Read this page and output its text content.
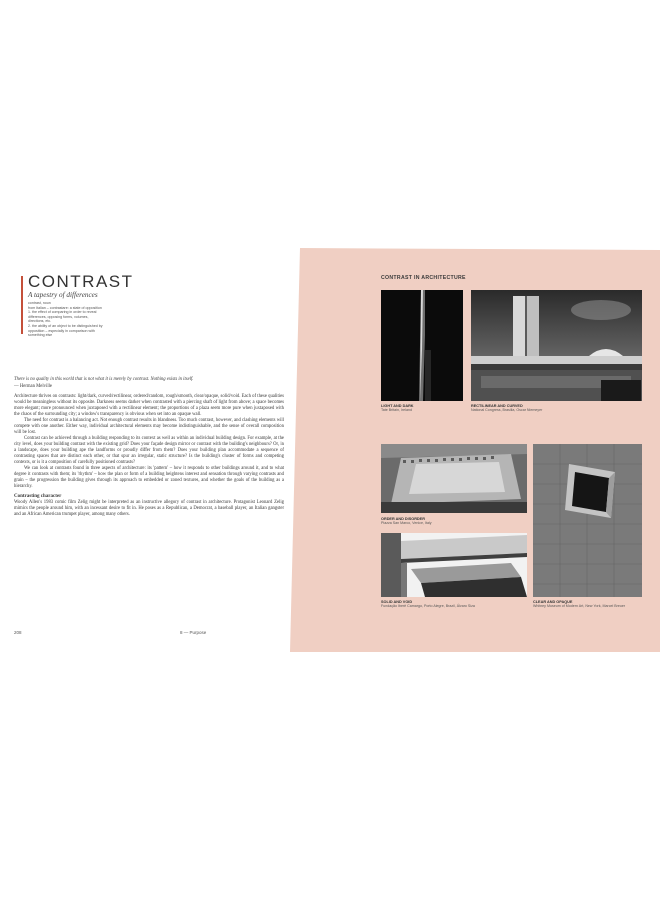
CONTRAST
A tapestry of differences

contrast, noun

from Italian – contrastare: a state of opposition

1. the effect of comparing in order to reveal

differences, opposing forms, volumes,

directions, etc.

2. the ability of an object to be distinguished by

opposition – especially in comparison with

something else

There is no quality in this world that is not what it is merely by contrast. Nothing exists in itself.

— Herman Melville

Architecture thrives on contrasts: light/dark, curved/rectilinear, ordered/random, rough/smooth, clear/opaque, solid/void. Each of these qualities would be meaningless without its opposite. Darkness seems darker when contrasted with a piercing shaft of light from above; a space becomes more elegant; more pronounced when juxtaposed with a rectilinear element; the proportions of a plaza seem more pure when juxtaposed with the chaos of the surrounding city; a window's transparency is obvious when set into an opaque wall.

The need for contrast is a balancing act. Not enough contrast results in blandness. Too much contrast, however, and clashing elements will compete with one another. Either way, individual architectural elements may become indistinguishable, and the sense of overall composition will be lost.

Contrast can be achieved through a building responding to its context as well as within an individual building design. For example, at the city level, does your building contrast with the existing grid? Does your façade design mirror or contrast with the building's neighbours? Or, in a landscape, does your building ape the landforms or proudly differ from them? Does your building plan accommodate a sequence of contrasting spaces that are distinct each other, or that spur an irregular, static structure? Is the building's cluster of forms and competing contexts, or is it a composition of carefully positioned contrasts?

We can look at contrasts found in three aspects of architecture: its 'pattern' – how it responds to other buildings around it, and to what degree it contrasts with them; its 'rhythm' – how the plan or form of a building heightens interest and sensation through varying contrasts and grain – the progression the building gives through its approach to embedded or zoned textures, and whether the goals of the building as a hierarchy.

Contrasting character

Woody Allen's 1983 comic film Zelig might be interpreted as an instructive allegory of contrast in architecture. Protagonist Leonard Zelig mimics the people around him, with an incessant desire to fit in. He poses as a Republican, a Democrat, a baseball player, an Italian gangster and an African American trumpet player, among many others.

208	8 — Purpose
CONTRAST IN ARCHITECTURE
LIGHT AND DARK
Tate Britain, Ireland
RECTILINEAR AND CURVED
National Congress, Brasilia, Oscar Niemeyer
ORDER AND DISORDER
Piazza San Marco, Venice, Italy
SOLID AND VOID
Fundação Iberê Camargo, Porto Alegre, Brazil, Álvaro Siza
CLEAR AND OPAQUE
Whitney Museum of Modern Art, New York, Marcel Breuer
